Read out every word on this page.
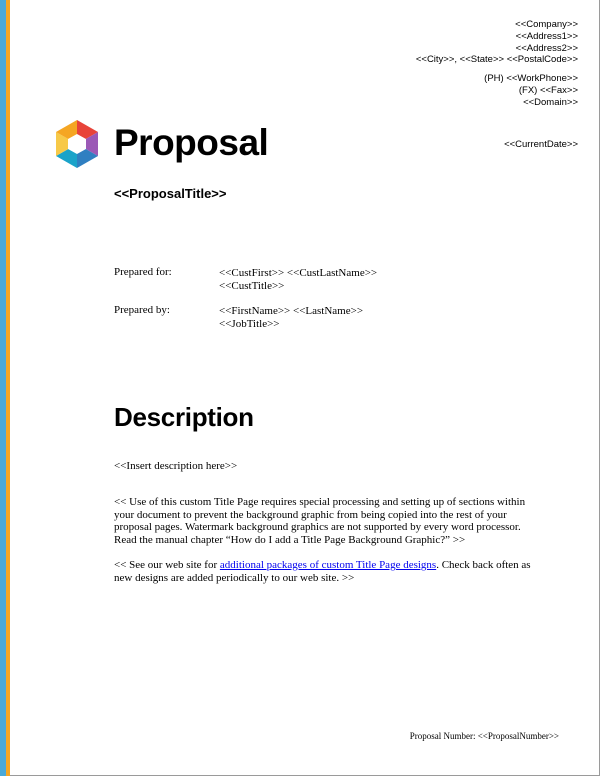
<<Company>>
<<Address1>>
<<Address2>>
<<City>>, <<State>> <<PostalCode>>
(PH) <<WorkPhone>>
(FX) <<Fax>>
<<Domain>>
<<CurrentDate>>
Proposal
<<ProposalTitle>>
Prepared for:	<<CustFirst>> <<CustLastName>>
<<CustTitle>>
Prepared by:	<<FirstName>> <<LastName>>
<<JobTitle>>
Description
<<Insert description here>>
<< Use of this custom Title Page requires special processing and setting up of sections within your document to prevent the background graphic from being copied into the rest of your proposal pages. Watermark background graphics are not supported by every word processor. Read the manual chapter “How do I add a Title Page Background Graphic?” >>
<< See our web site for additional packages of custom Title Page designs. Check back often as new designs are added periodically to our web site. >>
Proposal Number: <<ProposalNumber>>
